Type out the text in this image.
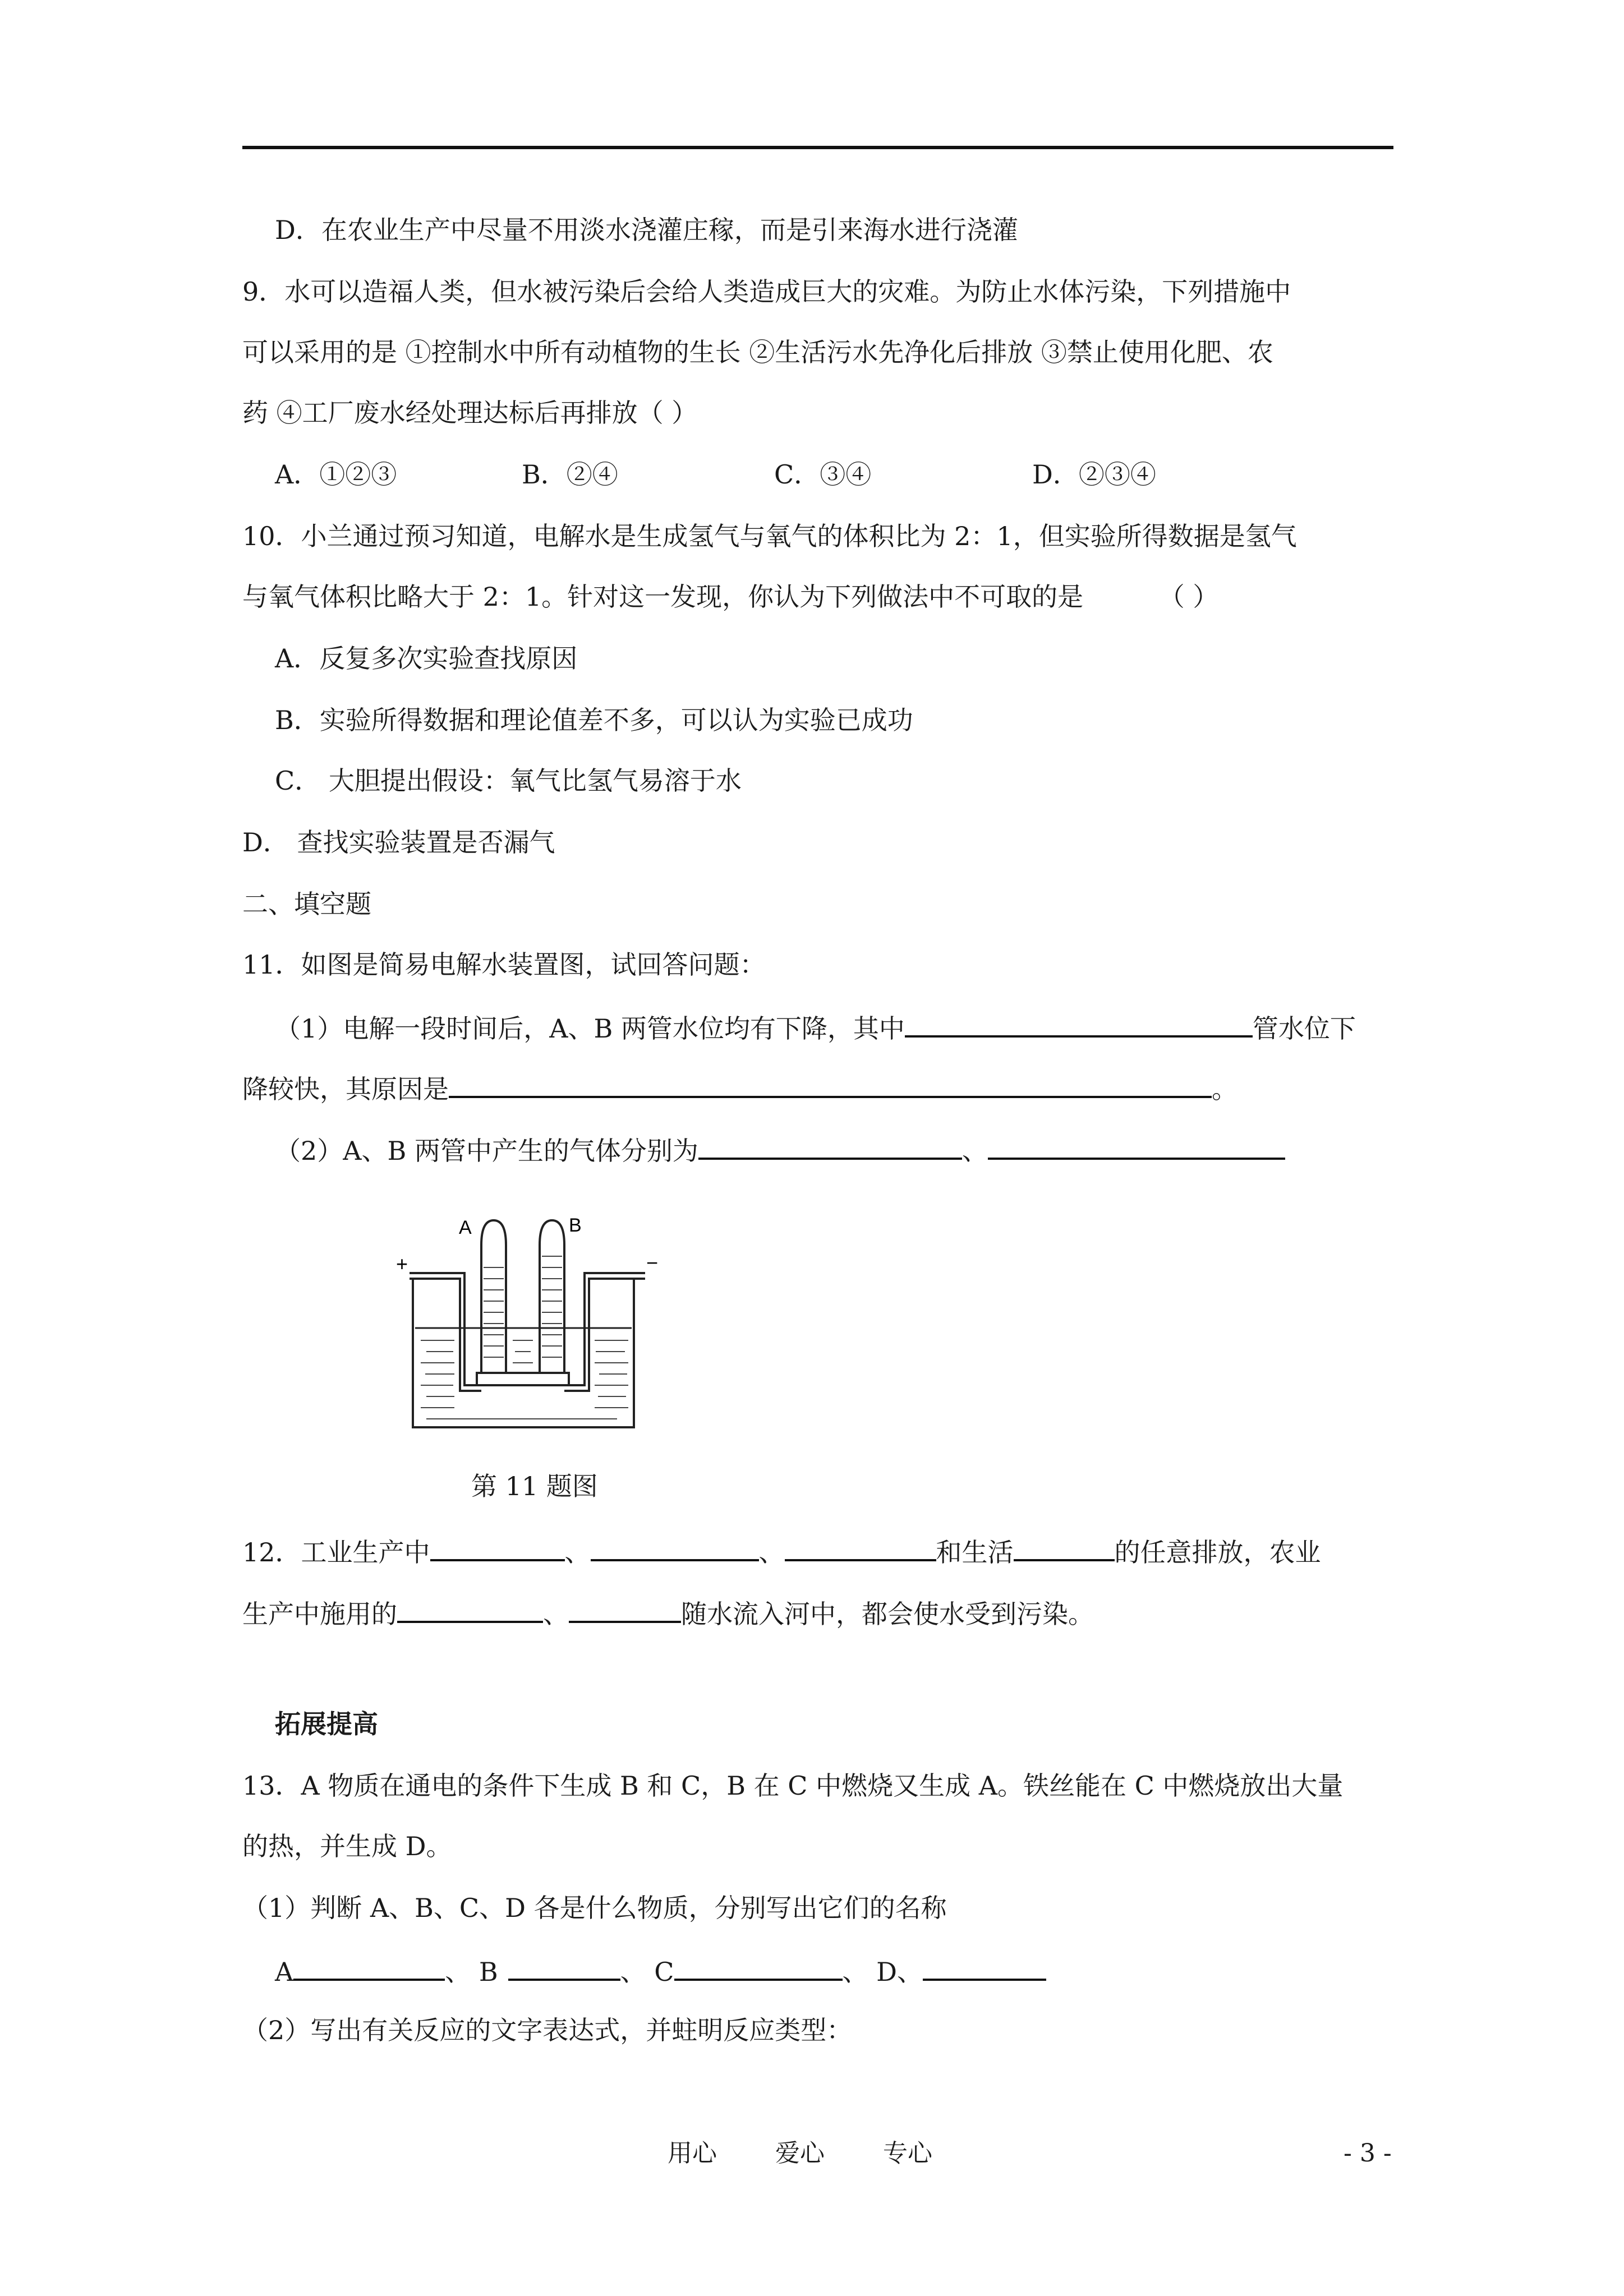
D．在农业生产中尽量不用淡水浇灌庄稼，而是引来海水进行浇灌
9．水可以造福人类，但水被污染后会给人类造成巨大的灾难。为防止水体污染，下列措施中
可以采用的是 ①控制水中所有动植物的生长 ②生活污水先净化后排放 ③禁止使用化肥、农
药 ④工厂废水经处理达标后再排放（ ）
A．①②③	B．②④	C．③④	D．②③④
10．小兰通过预习知道，电解水是生成氢气与氧气的体积比为 2：1，但实验所得数据是氢气
与氧气体积比略大于 2：1。针对这一发现，你认为下列做法中不可取的是	（ ）
A．反复多次实验查找原因
B．实验所得数据和理论值差不多，可以认为实验已成功
C． 大胆提出假设：氧气比氢气易溶于水
D． 查找实验装置是否漏气
二、填空题
11．如图是简易电解水装置图，试回答问题：
（1）电解一段时间后，A、B 两管水位均有下降，其中	管水位下
降较快，其原因是	。
（2）A、B 两管中产生的气体分别为	、
A	B
+	−
第 11 题图
12．工业生产中	、	、	和生活	的任意排放，农业
生产中施用的	、	随水流入河中，都会使水受到污染。
拓展提高
13．A 物质在通电的条件下生成 B 和 C，B 在 C 中燃烧又生成 A。铁丝能在 C 中燃烧放出大量
的热，并生成 D。
（1）判断 A、B、C、D 各是什么物质，分别写出它们的名称
A	、 B	、 C	、 D、
（2）写出有关反应的文字表达式，并蛀明反应类型：
用心 爱心 专心	- 3 -
